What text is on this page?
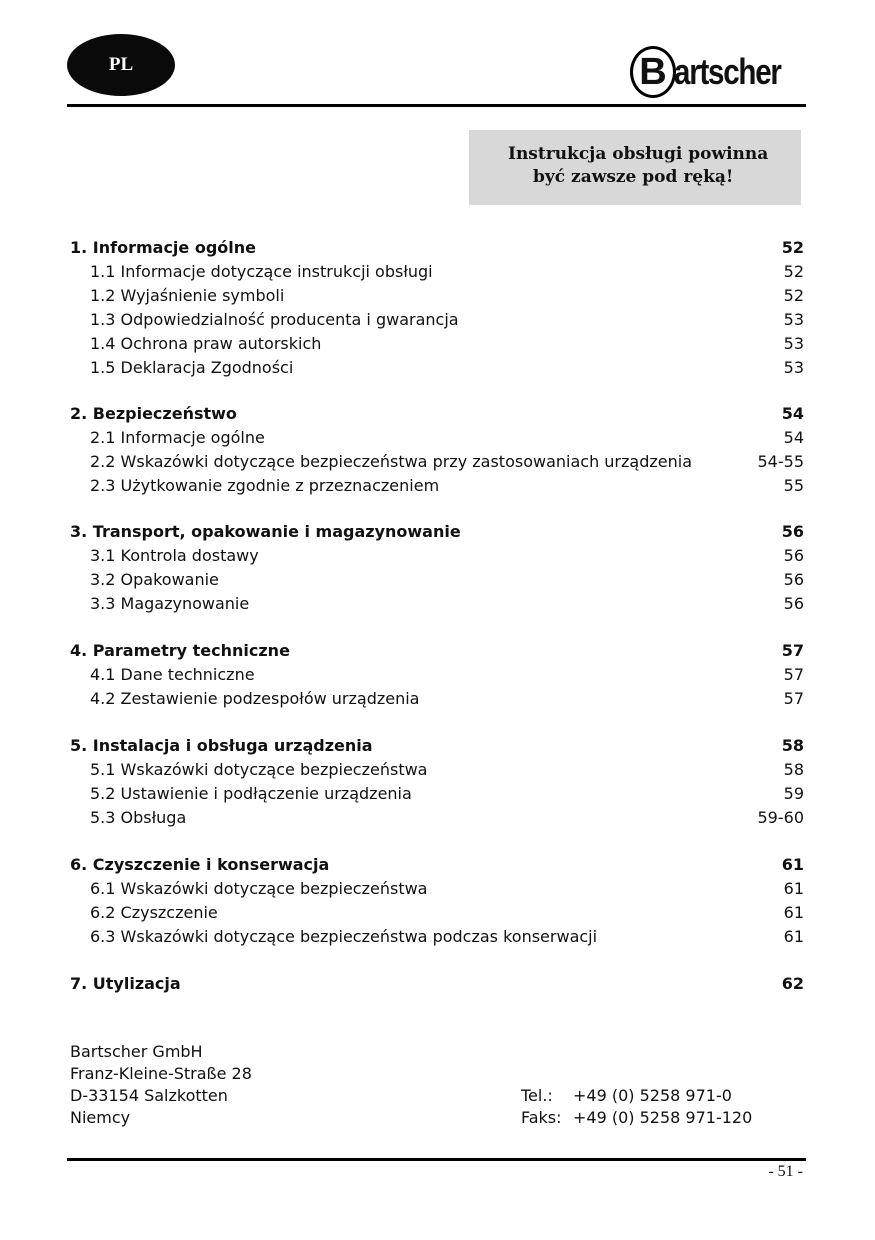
PL	B artscher
Instrukcja obsługi powinna
być zawsze pod ręką!
1. Informacje ogólne	52
1.1 Informacje dotyczące instrukcji obsługi	52
1.2 Wyjaśnienie symboli	52
1.3 Odpowiedzialność producenta i gwarancja	53
1.4 Ochrona praw autorskich	53
1.5 Deklaracja Zgodności	53
2. Bezpieczeństwo	54
2.1 Informacje ogólne	54
2.2 Wskazówki dotyczące bezpieczeństwa przy zastosowaniach urządzenia	54-55
2.3 Użytkowanie zgodnie z przeznaczeniem	55
3. Transport, opakowanie i magazynowanie	56
3.1 Kontrola dostawy	56
3.2 Opakowanie	56
3.3 Magazynowanie	56
4. Parametry techniczne	57
4.1 Dane techniczne	57
4.2 Zestawienie podzespołów urządzenia	57
5. Instalacja i obsługa urządzenia	58
5.1 Wskazówki dotyczące bezpieczeństwa	58
5.2 Ustawienie i podłączenie urządzenia	59
5.3 Obsługa	59-60
6. Czyszczenie i konserwacja	61
6.1 Wskazówki dotyczące bezpieczeństwa	61
6.2 Czyszczenie	61
6.3 Wskazówki dotyczące bezpieczeństwa podczas konserwacji	61
7. Utylizacja	62
Bartscher GmbH
Franz-Kleine-Straße 28
D-33154 Salzkotten
Niemcy
Tel.: +49 (0) 5258 971-0
Faks: +49 (0) 5258 971-120
- 51 -
